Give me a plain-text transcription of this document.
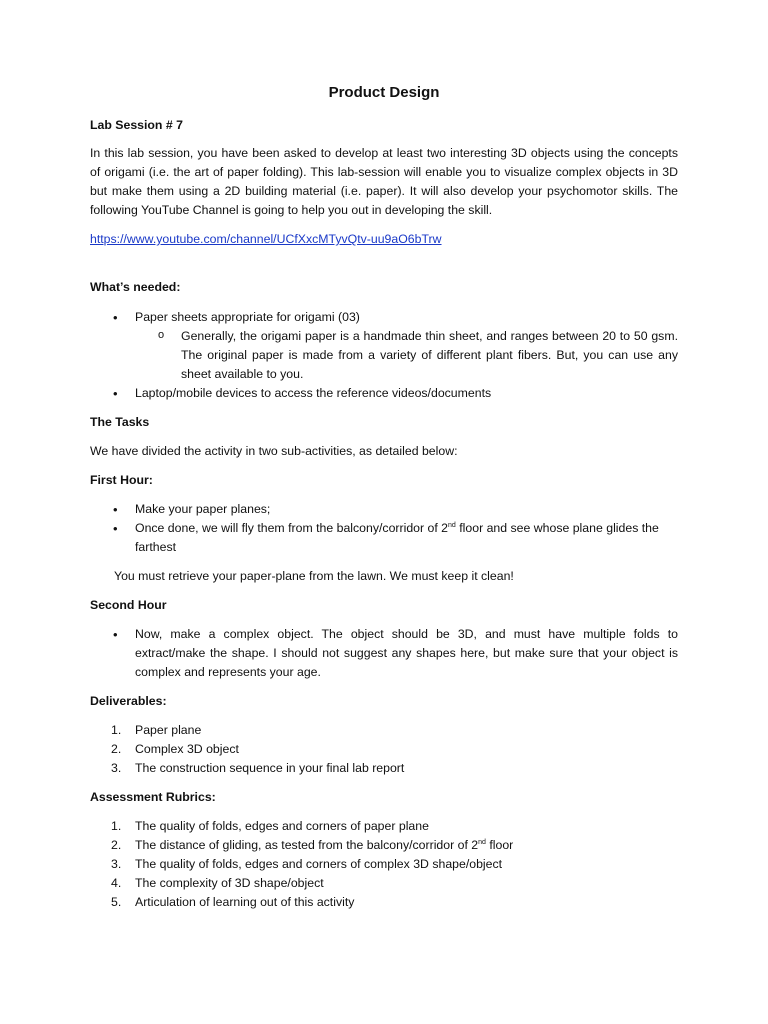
Product Design

Lab Session # 7

In this lab session, you have been asked to develop at least two interesting 3D objects using the concepts of origami (i.e. the art of paper folding). This lab-session will enable you to visualize complex objects in 3D but make them using a 2D building material (i.e. paper). It will also develop your psychomotor skills. The following YouTube Channel is going to help you out in developing the skill.

https://www.youtube.com/channel/UCfXxcMTyvQtv-uu9aO6bTrw

What’s needed:

• Paper sheets appropriate for origami (03)
o Generally, the origami paper is a handmade thin sheet, and ranges between 20 to 50 gsm. The original paper is made from a variety of different plant fibers. But, you can use any sheet available to you.
• Laptop/mobile devices to access the reference videos/documents

The Tasks

We have divided the activity in two sub-activities, as detailed below:

First Hour:

• Make your paper planes;
• Once done, we will fly them from the balcony/corridor of 2nd floor and see whose plane glides the farthest

You must retrieve your paper-plane from the lawn. We must keep it clean!

Second Hour

• Now, make a complex object. The object should be 3D, and must have multiple folds to extract/make the shape. I should not suggest any shapes here, but make sure that your object is complex and represents your age.

Deliverables:

1. Paper plane
2. Complex 3D object
3. The construction sequence in your final lab report

Assessment Rubrics:

1. The quality of folds, edges and corners of paper plane
2. The distance of gliding, as tested from the balcony/corridor of 2nd floor
3. The quality of folds, edges and corners of complex 3D shape/object
4. The complexity of 3D shape/object
5. Articulation of learning out of this activity
